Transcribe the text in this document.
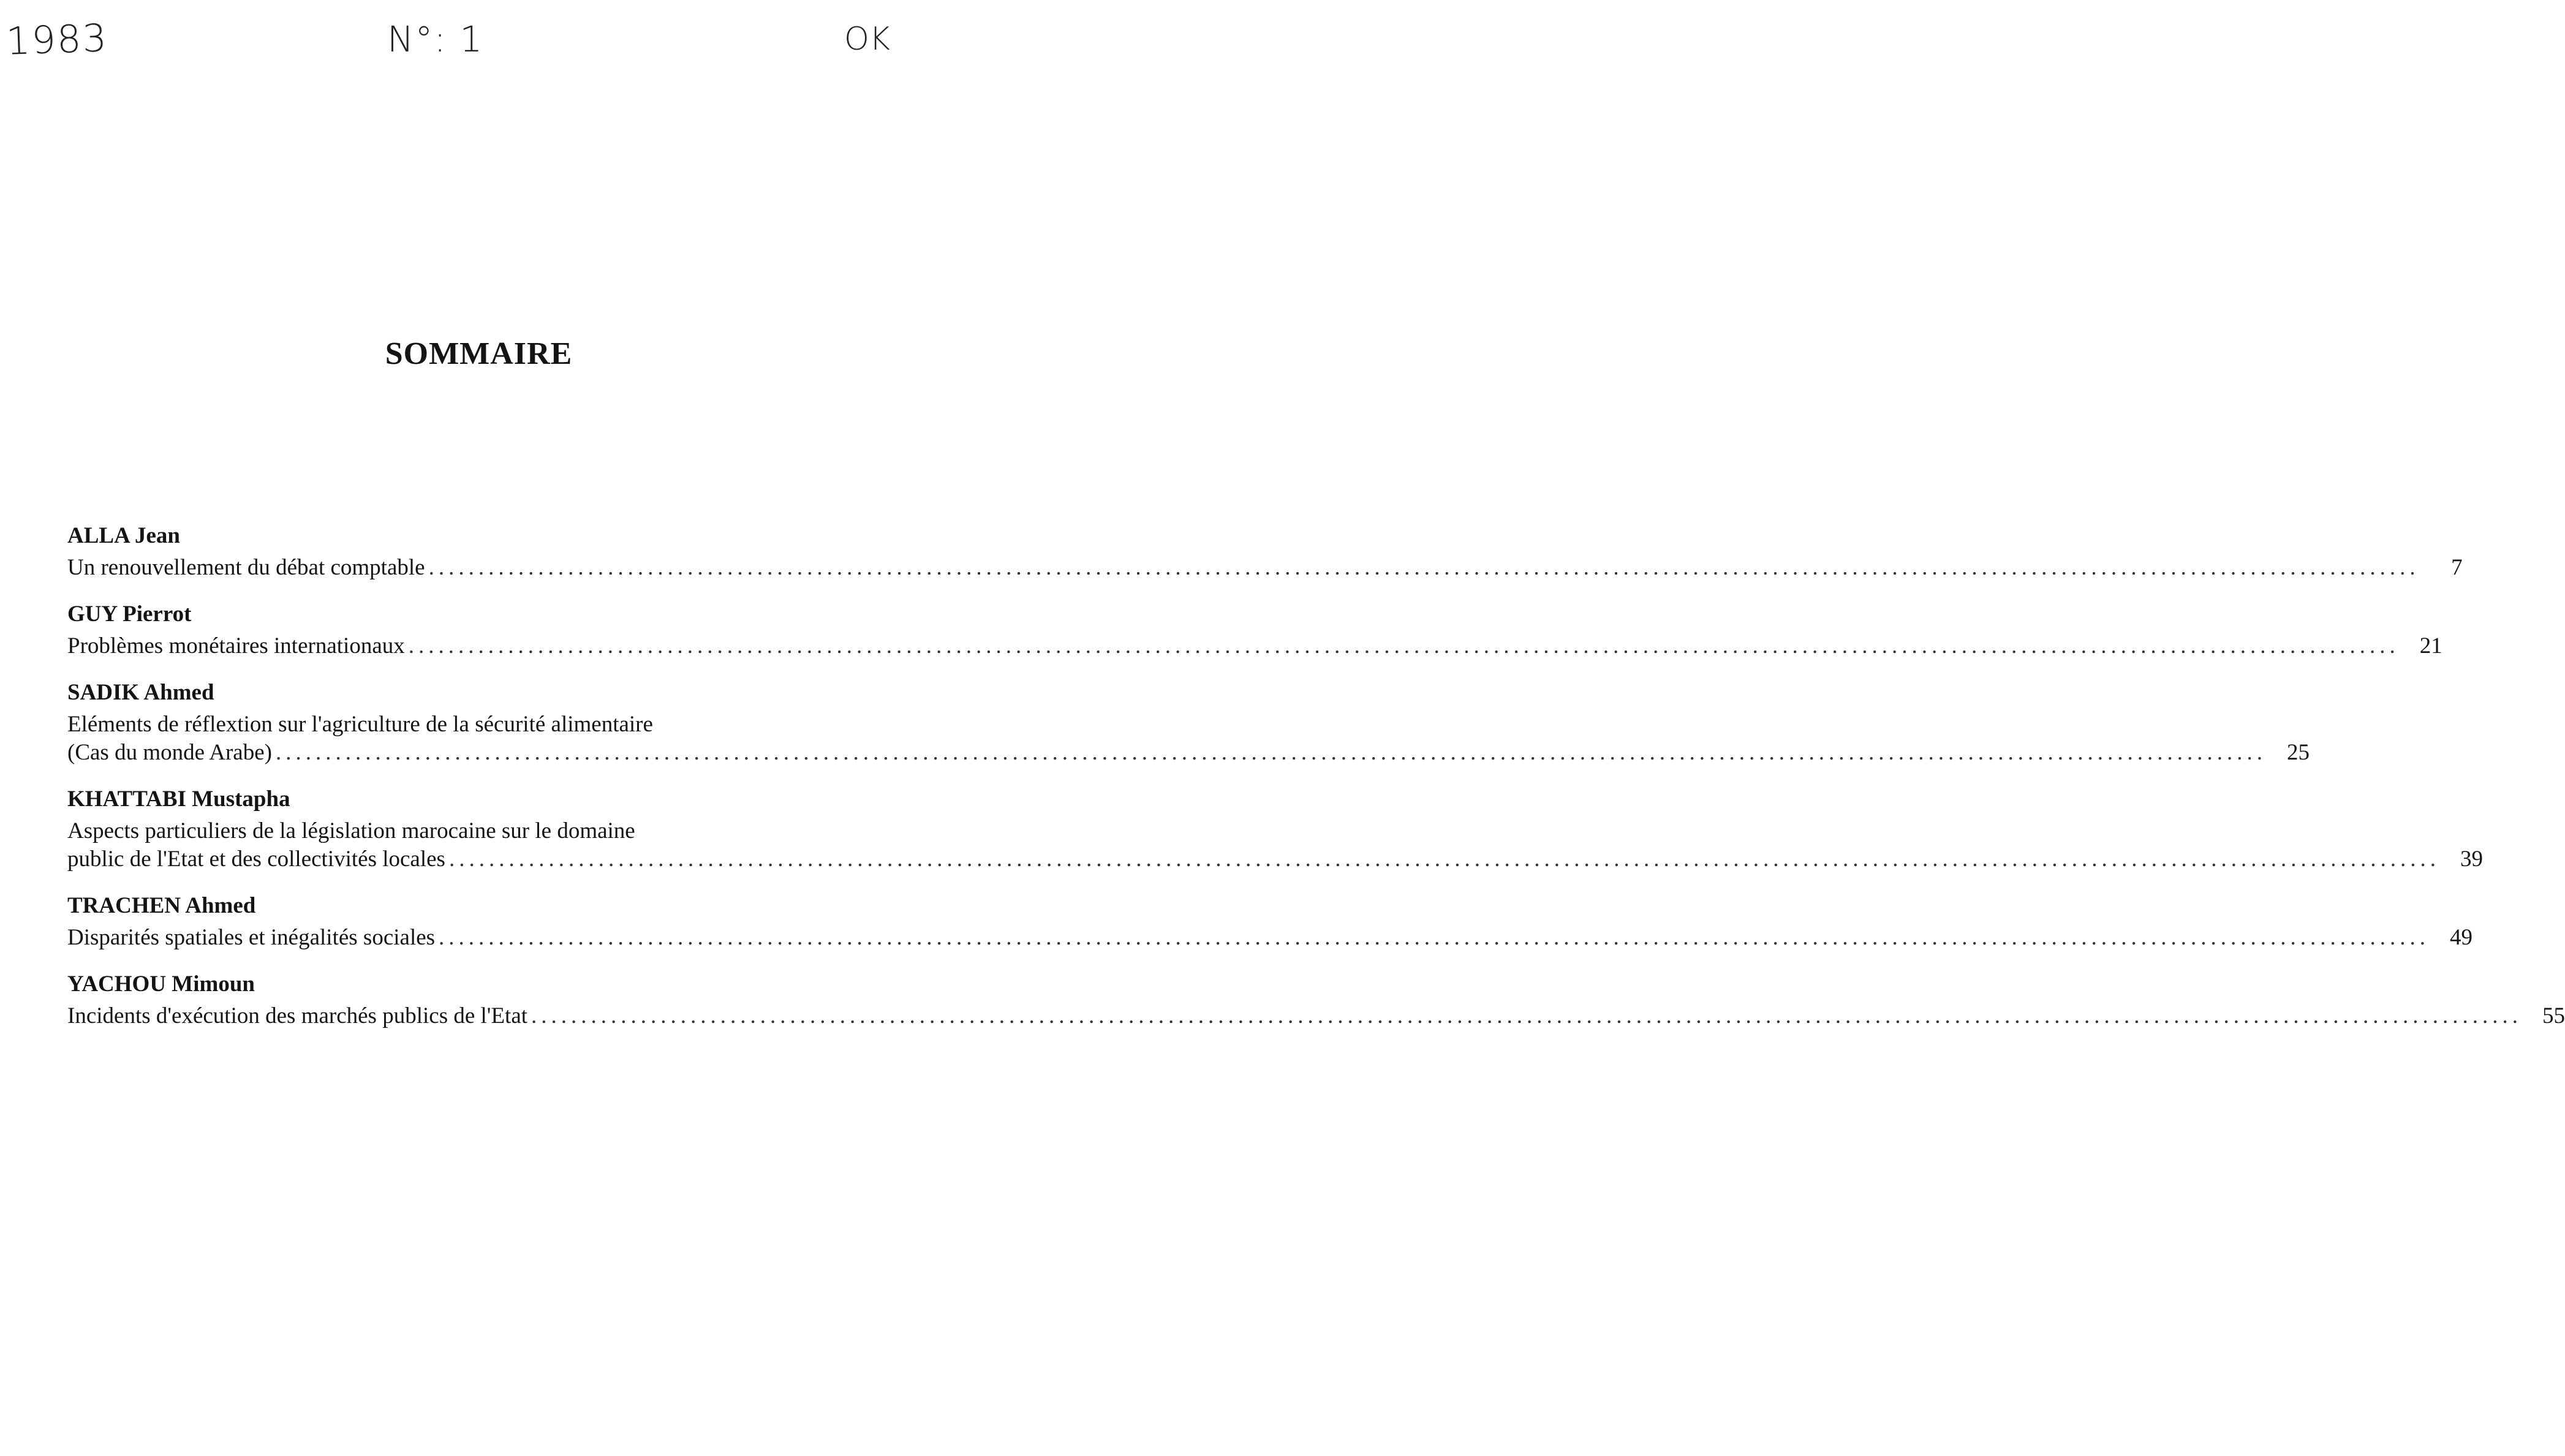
1983	N°: 1	OK
SOMMAIRE
ALLA Jean
Un renouvellement du débat comptable ........................................................................................................................................................................................................	7
GUY Pierrot
Problèmes monétaires internationaux ........................................................................................................................................................................................................ 21
SADIK Ahmed
Eléments de réflextion sur l'agriculture de la sécurité alimentaire
(Cas du monde Arabe) ........................................................................................................................................................................................................ 25
KHATTABI Mustapha
Aspects particuliers de la législation marocaine sur le domaine
public de l'Etat et des collectivités locales ........................................................................................................................................................................................................ 39
TRACHEN Ahmed
Disparités spatiales et inégalités sociales ........................................................................................................................................................................................................ 49
YACHOU Mimoun
Incidents d'exécution des marchés publics de l'Etat ........................................................................................................................................................................................................ 55
